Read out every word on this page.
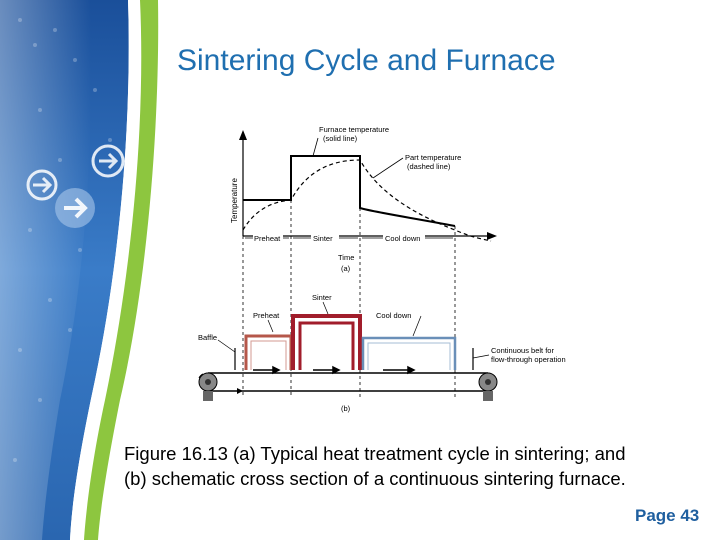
Sintering Cycle and Furnace
Temperature
Furnace temperature
(solid line)
Part temperature
(dashed line)
Preheat	Sinter	Cool down
Time
(a)
Sinter
Preheat	Cool down
Baffle
Continuous belt for
flow-through operation
(b)
Figure 16.13 (a) Typical heat treatment cycle in sintering; and (b) schematic cross section of a continuous sintering furnace.
Page 43
